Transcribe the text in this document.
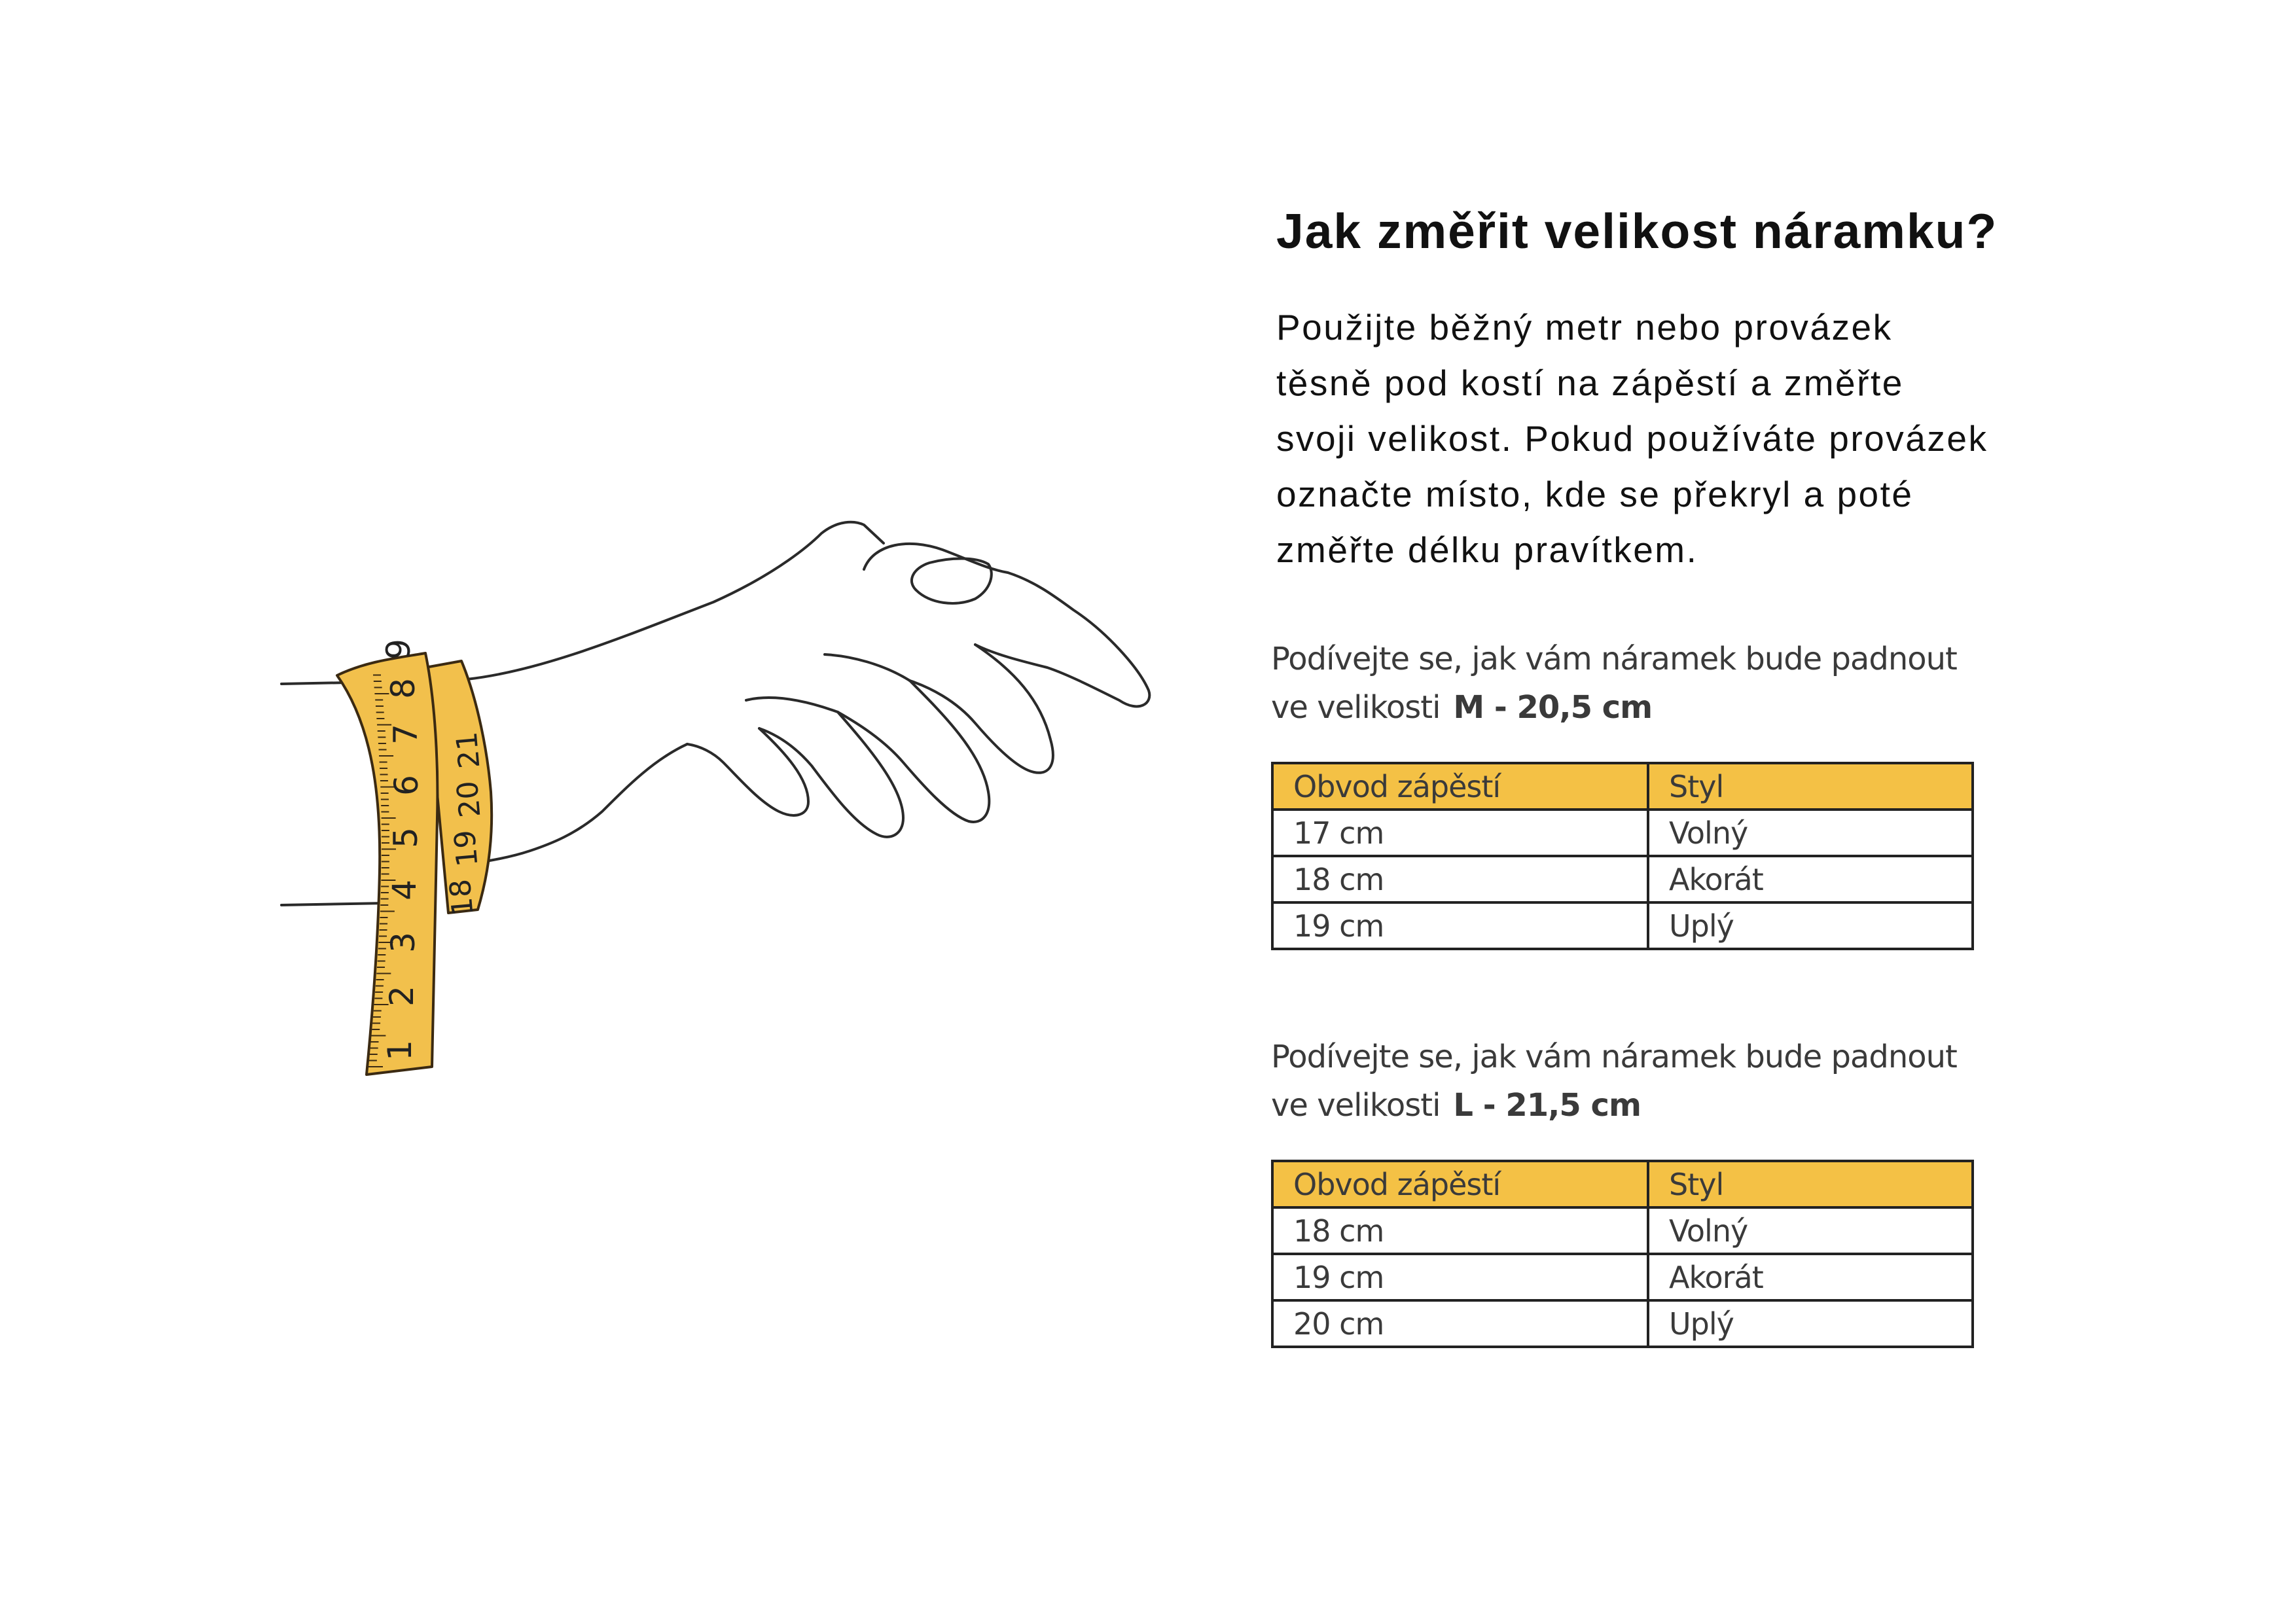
18
19
20
21
1
2
3
4
5
6
7
8
9
Jak změřit velikost náramku?

Použijte běžný metr nebo provázek
těsně pod kostí na zápěstí a změřte
svoji velikost. Pokud používáte provázek
označte místo, kde se překryl a poté
změřte délku pravítkem.

Podívejte se, jak vám náramek bude padnout
ve velikosti M - 20,5 cm
Obvod zápěstí	Styl
17 cm	Volný
18 cm	Akorát
19 cm	Uplý
Podívejte se, jak vám náramek bude padnout
ve velikosti L - 21,5 cm
Obvod zápěstí	Styl
18 cm	Volný
19 cm	Akorát
20 cm	Uplý
